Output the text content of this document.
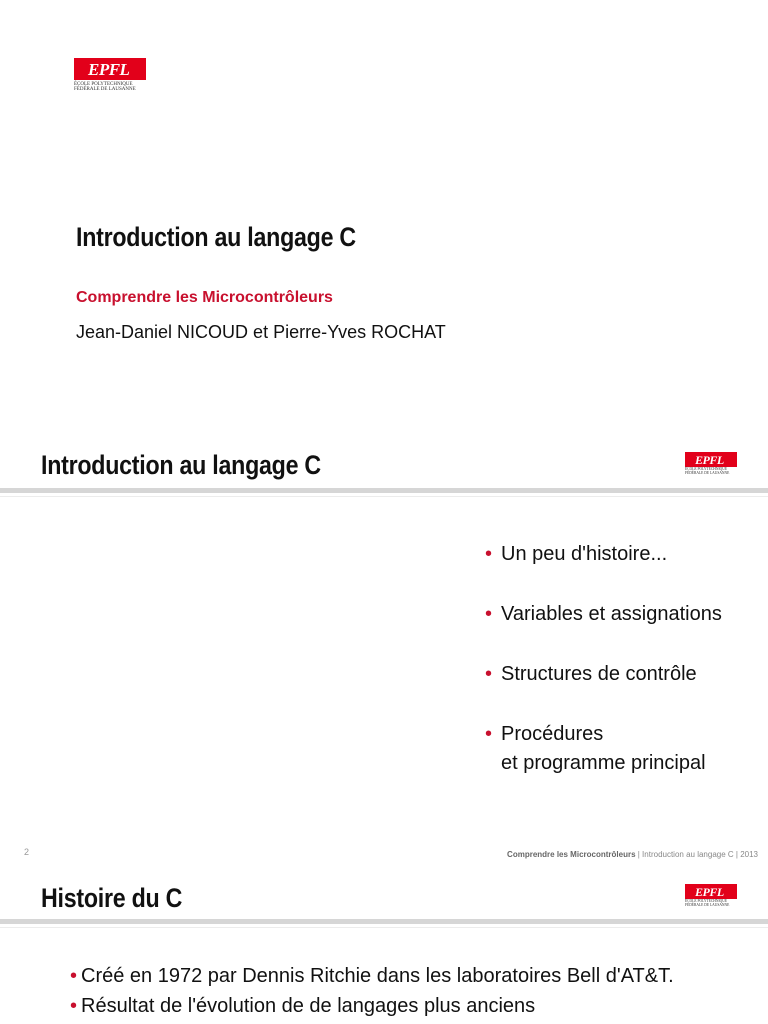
EPFL
ÉCOLE POLYTECHNIQUE
FÉDÉRALE DE LAUSANNE
Introduction au langage C
Comprendre les Microcontrôleurs
Jean-Daniel NICOUD et Pierre-Yves ROCHAT
Introduction au langage C	EPFL
ÉCOLE POLYTECHNIQUE
FÉDÉRALE DE LAUSANNE
• Un peu d'histoire...
• Variables et assignations
• Structures de contrôle
• Procédures
et programme principal
2	Comprendre les Microcontrôleurs | Introduction au langage C | 2013
Histoire du C	EPFL
ÉCOLE POLYTECHNIQUE
FÉDÉRALE DE LAUSANNE
• Créé en 1972 par Dennis Ritchie dans les laboratoires Bell d'AT&T.
• Résultat de l'évolution de de langages plus anciens
